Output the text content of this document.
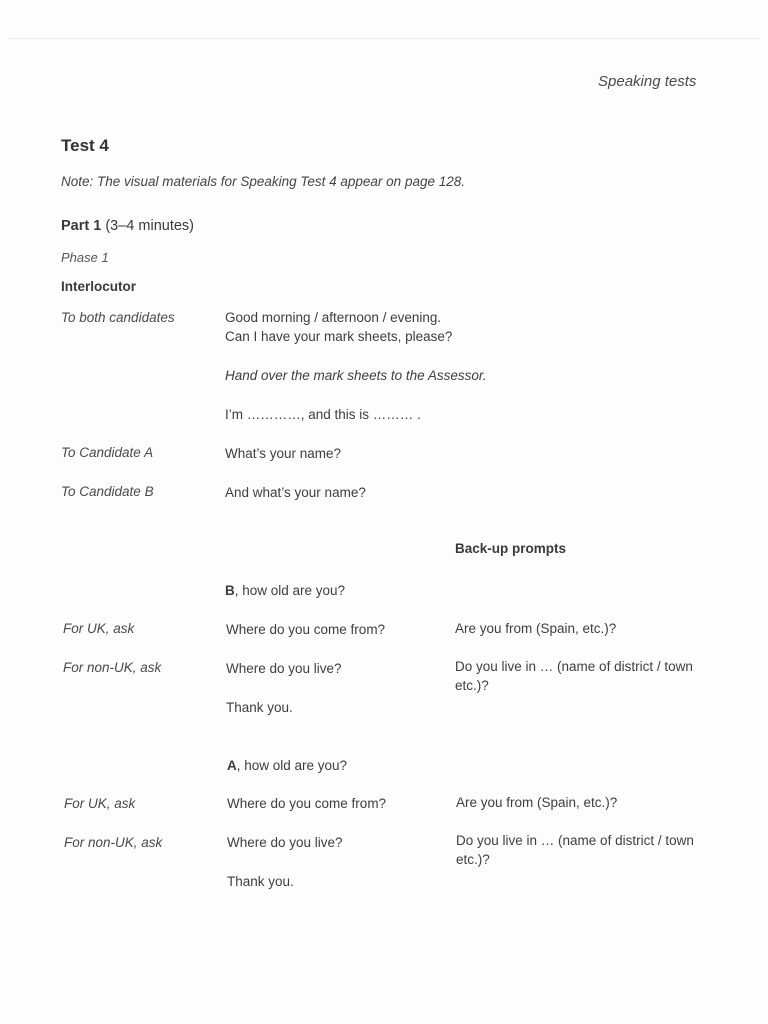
Speaking tests
Test 4
Note: The visual materials for Speaking Test 4 appear on page 128.
Part 1 (3–4 minutes)
Phase 1
Interlocutor
To both candidates	Good morning / afternoon / evening.
Can I have your mark sheets, please?
Hand over the mark sheets to the Assessor.
I’m …………, and this is ……… .
To Candidate A	What’s your name?
To Candidate B	And what’s your name?
Back-up prompts
B, how old are you?
For UK, ask	Where do you come from?	Are you from (Spain, etc.)?
For non-UK, ask	Where do you live?	Do you live in … (name of district / town etc.)?
Thank you.
A, how old are you?
For UK, ask	Where do you come from?	Are you from (Spain, etc.)?
For non-UK, ask	Where do you live?	Do you live in … (name of district / town etc.)?
Thank you.
